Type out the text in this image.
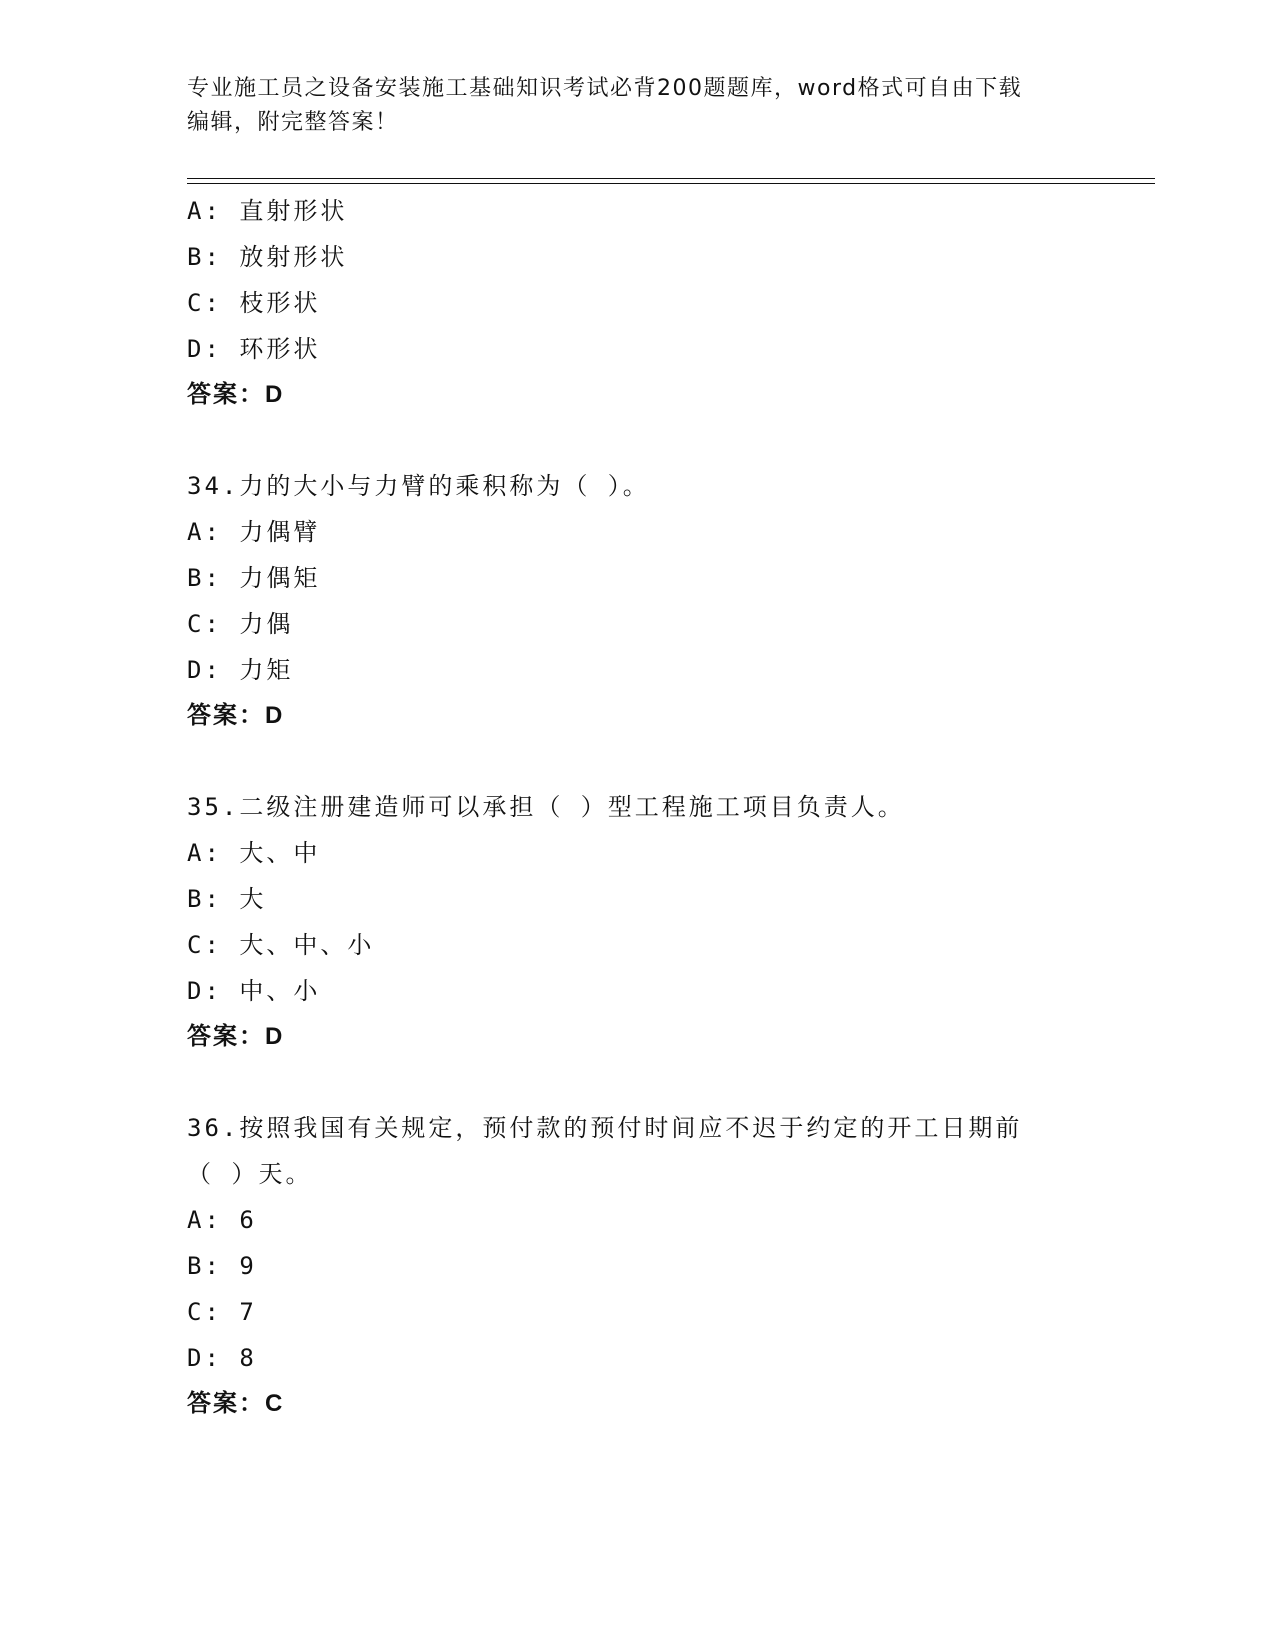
专业施工员之设备安装施工基础知识考试必背200题题库，word格式可自由下载
编辑，附完整答案！
A: 直射形状
B: 放射形状
C: 枝形状
D: 环形状
答案：D
34.力的大小与力臂的乘积称为（ ）。
A: 力偶臂
B: 力偶矩
C: 力偶
D: 力矩
答案：D
35.二级注册建造师可以承担（ ）型工程施工项目负责人。
A: 大、中
B: 大
C: 大、中、小
D: 中、小
答案：D
36.按照我国有关规定，预付款的预付时间应不迟于约定的开工日期前
（ ）天。
A: 6
B: 9
C: 7
D: 8
答案：C
